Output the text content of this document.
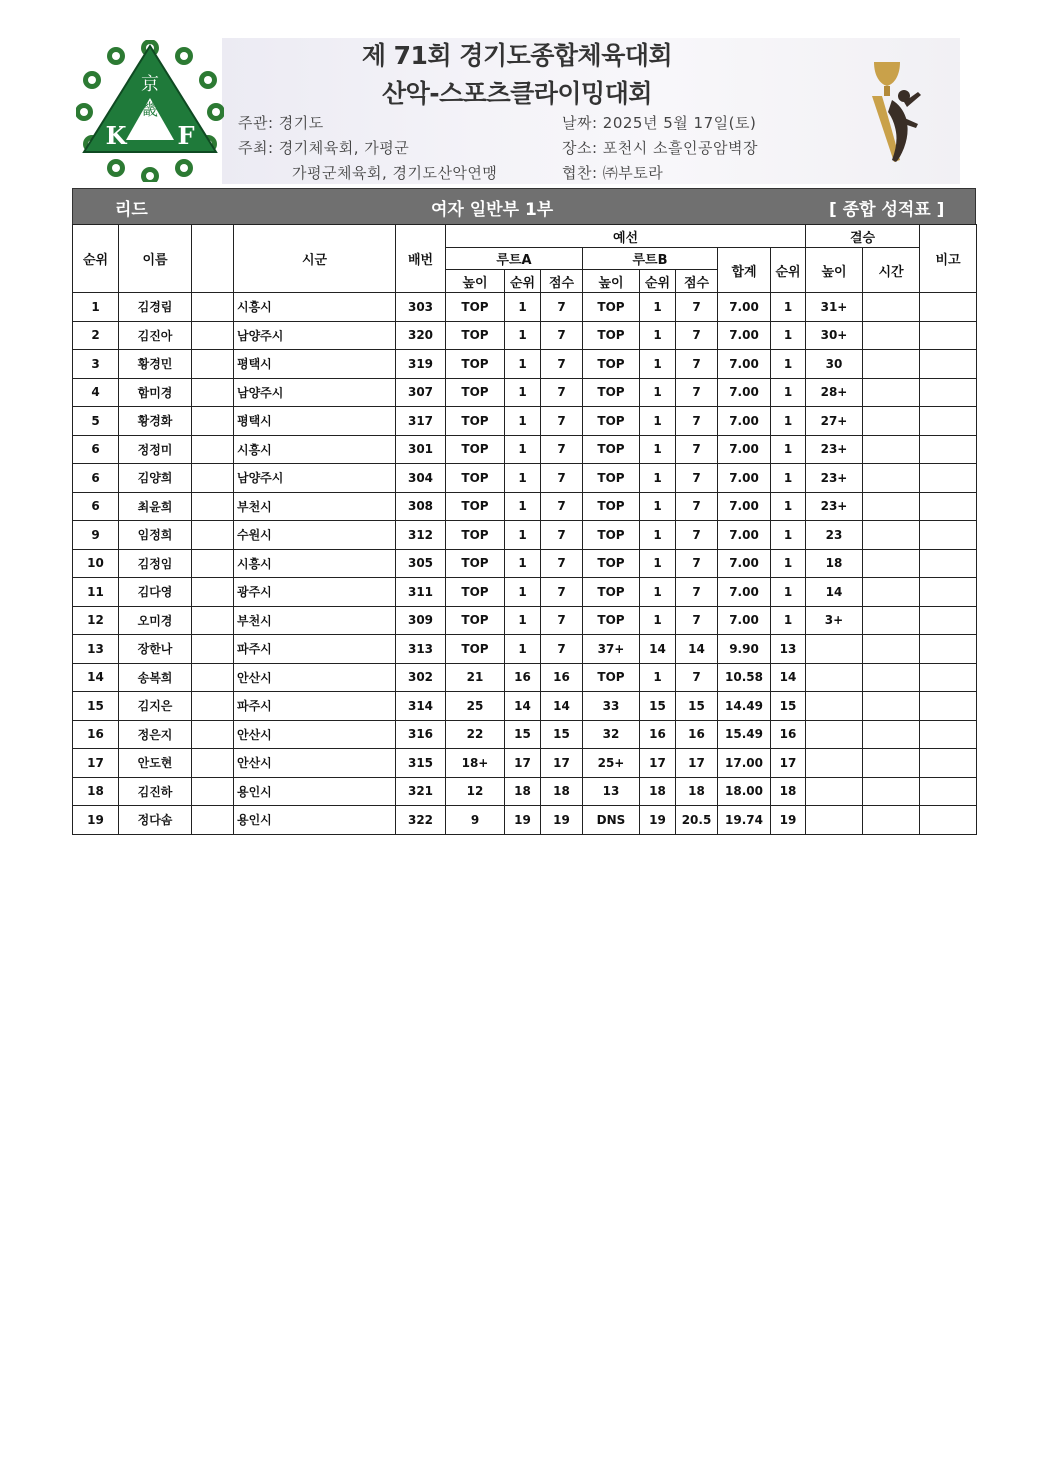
京
畿
K F
제 71회 경기도종합체육대회
산악-스포츠클라이밍대회
주관: 경기도
주최: 경기체육회, 가평군
가평군체육회, 경기도산악연맹
날짜: 2025년 5월 17일(토)
장소: 포천시 소흘인공암벽장
협찬: ㈜부토라
리드	여자 일반부 1부	[ 종합 성적표 ]
순위	이름		시군	배번	예선								결승		비고
					루트A			루트B			합계	순위	높이	시간	
					높이	순위	점수	높이	순위	점수					
1	김경림		시흥시	303	TOP	1	7	TOP	1	7	7.00	1	31+		
2	김진아		남양주시	320	TOP	1	7	TOP	1	7	7.00	1	30+		
3	황경민		평택시	319	TOP	1	7	TOP	1	7	7.00	1	30		
4	함미경		남양주시	307	TOP	1	7	TOP	1	7	7.00	1	28+		
5	황경화		평택시	317	TOP	1	7	TOP	1	7	7.00	1	27+		
6	정정미		시흥시	301	TOP	1	7	TOP	1	7	7.00	1	23+		
6	김양희		남양주시	304	TOP	1	7	TOP	1	7	7.00	1	23+		
6	최윤희		부천시	308	TOP	1	7	TOP	1	7	7.00	1	23+		
9	임정희		수원시	312	TOP	1	7	TOP	1	7	7.00	1	23		
10	김정임		시흥시	305	TOP	1	7	TOP	1	7	7.00	1	18		
11	김다영		광주시	311	TOP	1	7	TOP	1	7	7.00	1	14		
12	오미경		부천시	309	TOP	1	7	TOP	1	7	7.00	1	3+		
13	장한나		파주시	313	TOP	1	7	37+	14	14	9.90	13			
14	송복희		안산시	302	21	16	16	TOP	1	7	10.58	14			
15	김지은		파주시	314	25	14	14	33	15	15	14.49	15			
16	정은지		안산시	316	22	15	15	32	16	16	15.49	16			
17	안도현		안산시	315	18+	17	17	25+	17	17	17.00	17			
18	김진하		용인시	321	12	18	18	13	18	18	18.00	18			
19	정다솜		용인시	322	9	19	19	DNS	19	20.5	19.74	19			
